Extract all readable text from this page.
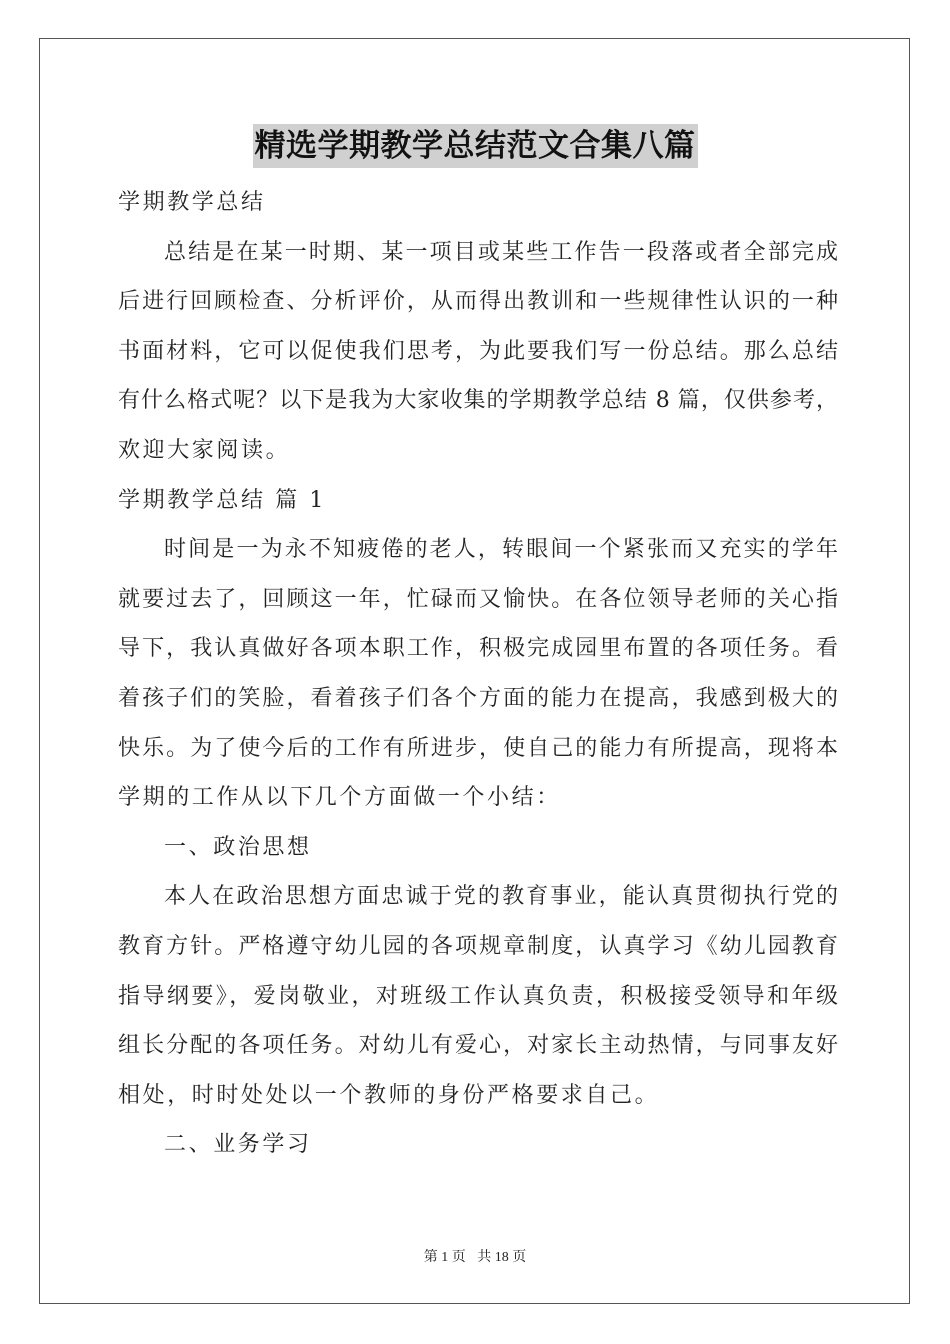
精选学期教学总结范文合集八篇
学期教学总结
总结是在某一时期、某一项目或某些工作告一段落或者全部完成
后进行回顾检查、分析评价，从而得出教训和一些规律性认识的一种
书面材料，它可以促使我们思考，为此要我们写一份总结。那么总结
有什么格式呢？以下是我为大家收集的学期教学总结 8 篇，仅供参考，
欢迎大家阅读。
学期教学总结 篇 1
时间是一为永不知疲倦的老人，转眼间一个紧张而又充实的学年
就要过去了，回顾这一年，忙碌而又愉快。在各位领导老师的关心指
导下，我认真做好各项本职工作，积极完成园里布置的各项任务。看
着孩子们的笑脸，看着孩子们各个方面的能力在提高，我感到极大的
快乐。为了使今后的工作有所进步，使自己的能力有所提高，现将本
学期的工作从以下几个方面做一个小结：
一、政治思想
本人在政治思想方面忠诚于党的教育事业，能认真贯彻执行党的
教育方针。严格遵守幼儿园的各项规章制度，认真学习《幼儿园教育
指导纲要》，爱岗敬业，对班级工作认真负责，积极接受领导和年级
组长分配的各项任务。对幼儿有爱心，对家长主动热情，与同事友好
相处，时时处处以一个教师的身份严格要求自己。
二、业务学习
第 1 页 共 18 页
